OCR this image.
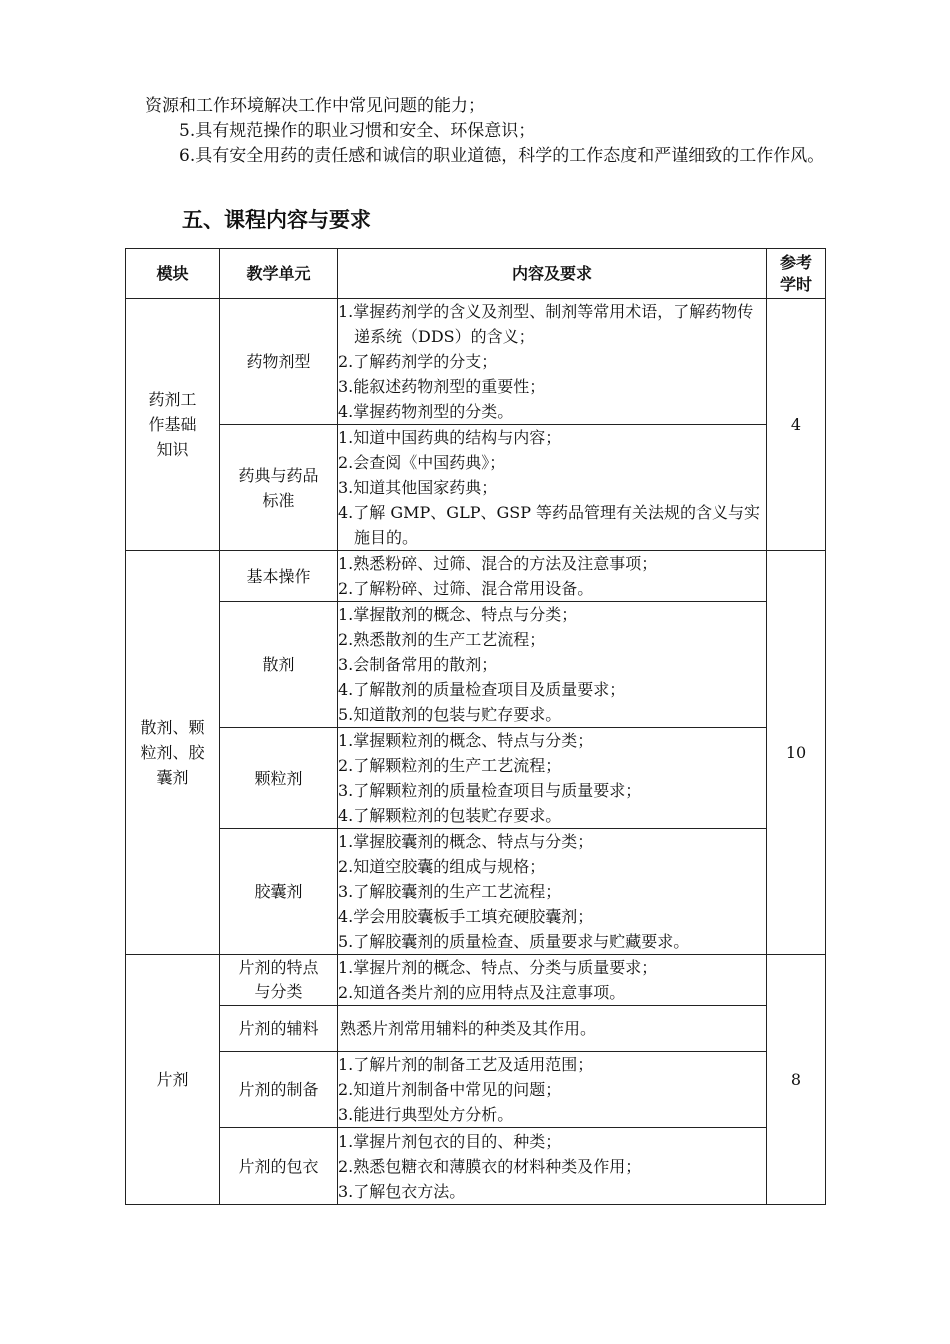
资源和工作环境解决工作中常见问题的能力；

5.具有规范操作的职业习惯和安全、环保意识；

6.具有安全用药的责任感和诚信的职业道德，科学的工作态度和严谨细致的工作作风。

五、课程内容与要求
模块	教学单元	内容及要求	参考学时
药剂工作基础知识	药物剂型	1.掌握药剂学的含义及剂型、制剂等常用术语，了解药物传递系统（DDS）的含义；
2.了解药剂学的分支；
3.能叙述药物剂型的重要性；
4.掌握药物剂型的分类。	4
	药典与药品标准	1.知道中国药典的结构与内容；
2.会查阅《中国药典》；
3.知道其他国家药典；
4.了解 GMP、GLP、GSP 等药品管理有关法规的含义与实施目的。	

散剂、颗粒剂、胶囊剂	基本操作	1.熟悉粉碎、过筛、混合的方法及注意事项；
2.了解粉碎、过筛、混合常用设备。	10
	散剂	1.掌握散剂的概念、特点与分类；
2.熟悉散剂的生产工艺流程；
3.会制备常用的散剂；
4.了解散剂的质量检查项目及质量要求；
5.知道散剂的包装与贮存要求。	

	颗粒剂	1.掌握颗粒剂的概念、特点与分类；
2.了解颗粒剂的生产工艺流程；
3.了解颗粒剂的质量检查项目与质量要求；
4.了解颗粒剂的包装贮存要求。	

	胶囊剂	1.掌握胶囊剂的概念、特点与分类；
2.知道空胶囊的组成与规格；
3.了解胶囊剂的生产工艺流程；
4.学会用胶囊板手工填充硬胶囊剂；
5.了解胶囊剂的质量检查、质量要求与贮藏要求。	

片剂	片剂的特点与分类	1.掌握片剂的概念、特点、分类与质量要求；
2.知道各类片剂的应用特点及注意事项。	8
	片剂的辅料	熟悉片剂常用辅料的种类及其作用。	

	片剂的制备	1.了解片剂的制备工艺及适用范围；
2.知道片剂制备中常见的问题；
3.能进行典型处方分析。	

	片剂的包衣	1.掌握片剂包衣的目的、种类；
2.熟悉包糖衣和薄膜衣的材料种类及作用；
3.了解包衣方法。	
